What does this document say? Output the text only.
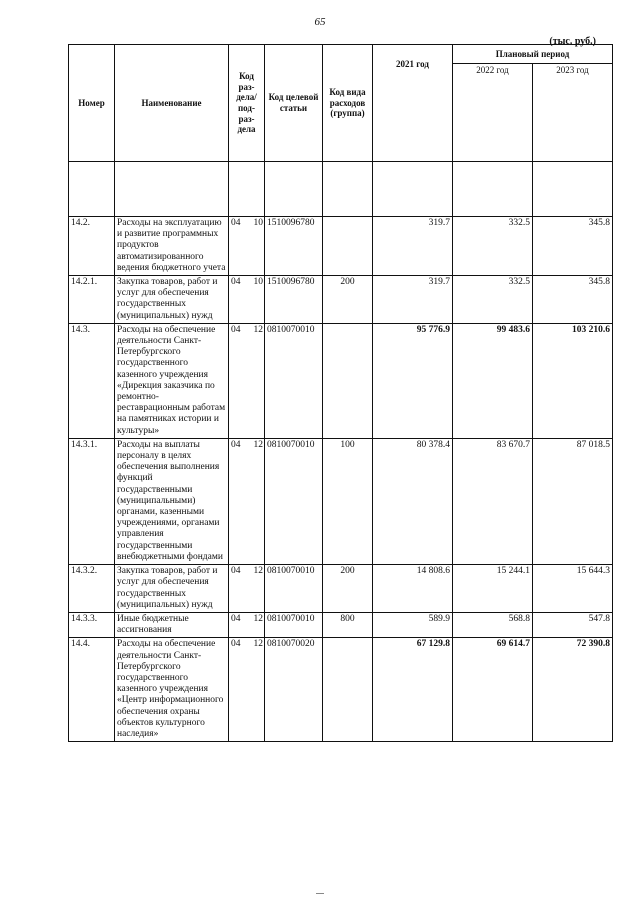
65
(тыс. руб.)
Номер	Наименование	Код раз-дела/ под-раз-дела	Код целевой статьи	Код вида расходов (группа)	2021 год	Плановый период	
						2022 год	2023 год

14.2.	Расходы на эксплуатацию и развитие программных продуктов автоматизированного ведения бюджетного учета	04 10	1510096780		319.7	332.5	345.8
14.2.1.	Закупка товаров, работ и услуг для обеспечения государственных (муниципальных) нужд	04 10	1510096780	200	319.7	332.5	345.8
14.3.	Расходы на обеспечение деятельности Санкт-Петербургского государственного казенного учреждения «Дирекция заказчика по ремонтно-реставрационным работам на памятниках истории и культуры»	04 12	0810070010		95 776.9	99 483.6	103 210.6
14.3.1.	Расходы на выплаты персоналу в целях обеспечения выполнения функций государственными (муниципальными) органами, казенными учреждениями, органами управления государственными внебюджетными фондами	04 12	0810070010	100	80 378.4	83 670.7	87 018.5
14.3.2.	Закупка товаров, работ и услуг для обеспечения государственных (муниципальных) нужд	04 12	0810070010	200	14 808.6	15 244.1	15 644.3
14.3.3.	Иные бюджетные ассигнования	04 12	0810070010	800	589.9	568.8	547.8
14.4.	Расходы на обеспечение деятельности Санкт-Петербургского государственного казенного учреждения «Центр информационного обеспечения охраны объектов культурного наследия»	04 12	0810070020		67 129.8	69 614.7	72 390.8
